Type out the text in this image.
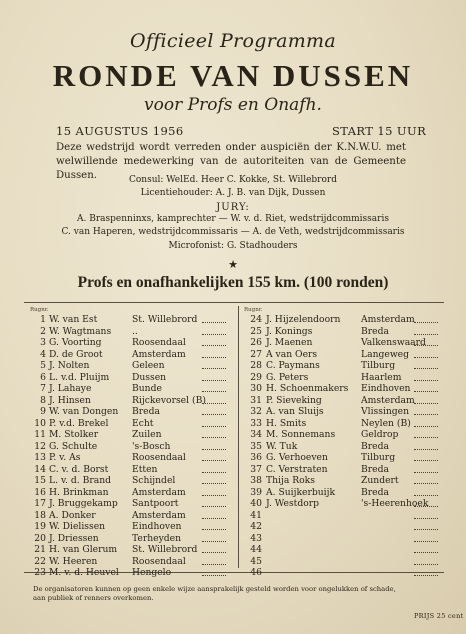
Officieel Programma
RONDE VAN DUSSEN
voor Profs en Onafh.
15 AUGUSTUS 1956	START 15 UUR
Deze wedstrijd wordt verreden onder auspiciën der K.N.W.U. met welwillende medewerking van de autoriteiten van de Gemeente Dussen.	Consul: WelEd. Heer C. Kokke, St. Willebrord
Licentiehouder: A. J. B. van Dijk, Dussen
JURY:
A. Braspenninxs, kamprechter — W. v. d. Riet, wedstrijdcommissaris
C. van Haperen, wedstrijdcommissaris — A. de Veth, wedstrijdcommissaris
Microfonist: G. Stadhouders
★
Profs en onafhankelijken 155 km. (100 ronden)
Rugnr.
1 W. van Est	St. Willebrord
2 W. Wagtmans ..
3 G. Voorting	Roosendaal
4 D. de Groot	Amsterdam
5 J. Nolten	Geleen
6 L. v.d. Pluijm Dussen
7 J. Lahaye	Bunde
8 J. Hinsen	Rijckevorsel (B)
9 W. van Dongen Breda
10 P. v.d. Brekel	Echt
11 M. Stolker	Zuilen
12 G. Schulte	's-Bosch
13 P. v. As	Roosendaal
14 C. v. d. Borst	Etten
15 L. v. d. Brand Schijndel
16 H. Brinkman	Amsterdam
17 J. Bruggekamp Santpoort
18 A. Donker	Amsterdam
19 W. Dielissen	Eindhoven
20 J. Driessen	Terheyden
21 H. van Glerum St. Willebrord
22 W. Heeren	Roosendaal
23 M. v. d. Heuvel Hengelo
Rugnr.
24 J. Hijzelendoorn Amsterdam
25 J. Konings	Breda
26 J. Maenen	Valkenswaard
27 A van Oers	Langeweg
28 C. Paymans	Tilburg
29 G. Peters	Haarlem
30 H. Schoenmakers Eindhoven
31 P. Sieveking	Amsterdam
32 A. van Sluijs	Vlissingen
33 H. Smits	Neylen (B)
34 M. Sonnemans	Geldrop
35 W. Tuk	Breda
36 G. Verhoeven	Tilburg
37 C. Verstraten	Breda
38 Thija Roks	Zundert
39 A. Suijkerbuijk	Breda
40 J. Westdorp	's-Heerenhoek
41
42
43
44
45
46
De organisatoren kunnen op geen enkele wijze aansprakelijk gesteld worden voor ongelukken of schade, aan publiek of renners overkomen.
PRIJS 25 cent
